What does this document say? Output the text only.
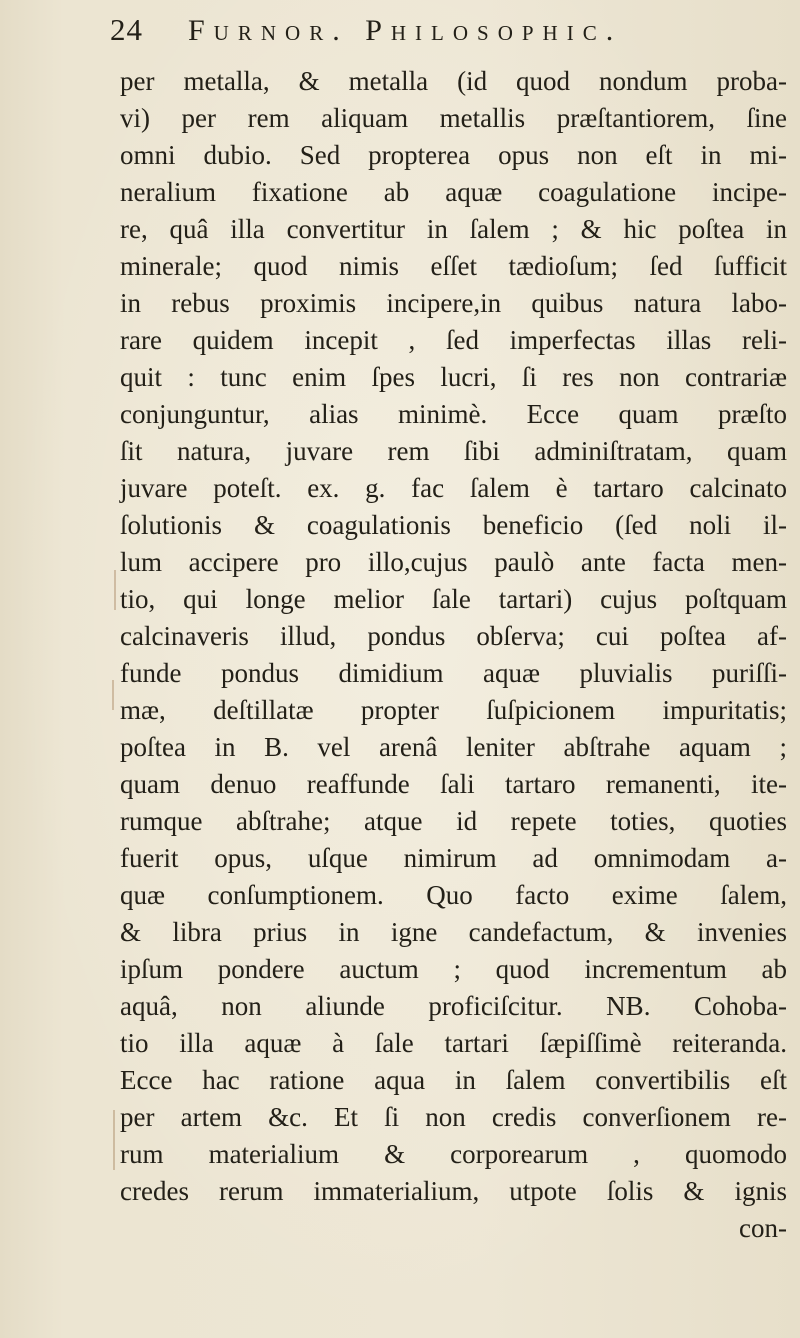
24	Furnor. Philosophic.
per metalla, & metalla (id quod nondum proba-
vi) per rem aliquam metallis præſtantiorem, ſine
omni dubio. Sed propterea opus non eſt in mi-
neralium fixatione ab aquæ coagulatione incipe-
re, quâ illa convertitur in ſalem ; & hic poſtea in
minerale; quod nimis eſſet tædioſum; ſed ſufficit
in rebus proximis incipere,in quibus natura labo-
rare quidem incepit , ſed imperfectas illas reli-
quit : tunc enim ſpes lucri, ſi res non contrariæ
conjunguntur, alias minimè. Ecce quam præſto
ſit natura, juvare rem ſibi adminiſtratam, quam
juvare poteſt. ex. g. fac ſalem è tartaro calcinato
ſolutionis & coagulationis beneficio (ſed noli il-
lum accipere pro illo,cujus paulò ante facta men-
tio, qui longe melior ſale tartari) cujus poſtquam
calcinaveris illud, pondus obſerva; cui poſtea af-
funde pondus dimidium aquæ pluvialis puriſſi-
mæ, deſtillatæ propter ſuſpicionem impuritatis;
poſtea in B. vel arenâ leniter abſtrahe aquam ;
quam denuo reaffunde ſali tartaro remanenti, ite-
rumque abſtrahe; atque id repete toties, quoties
fuerit opus, uſque nimirum ad omnimodam a-
quæ conſumptionem. Quo facto exime ſalem,
& libra prius in igne candefactum, & invenies
ipſum pondere auctum ; quod incrementum ab
aquâ, non aliunde proficiſcitur. NB. Cohoba-
tio illa aquæ à ſale tartari ſæpiſſimè reiteranda.
Ecce hac ratione aqua in ſalem convertibilis eſt
per artem &c. Et ſi non credis converſionem re-
rum materialium & corporearum , quomodo
credes rerum immaterialium, utpote ſolis & ignis
con-
